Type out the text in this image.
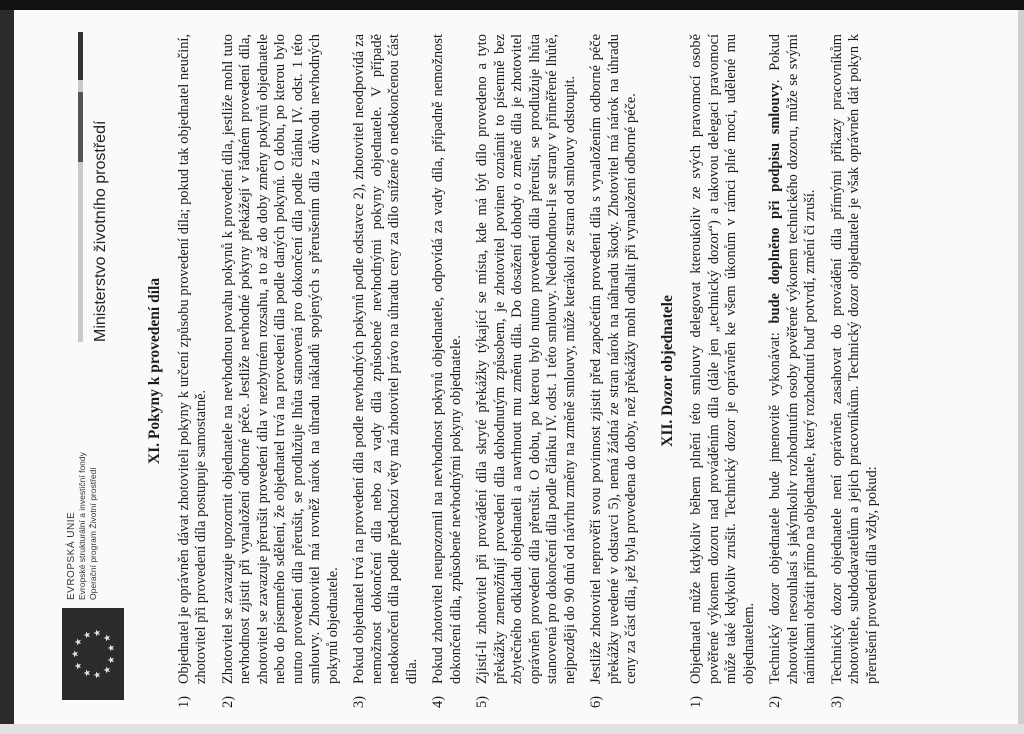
★
★
★ ★
★
★
★
★
★
★
★
EVROPSKÁ UNIE Evropské strukturální a investiční fondy Operační program Životní prostředí
Ministerstvo životního prostředí
XI. Pokyny k provedení díla
1)
Objednatel je oprávněn dávat zhotoviteli pokyny k určení způsobu provedení díla; pokud tak objednatel neučiní, zhotovitel při provedení díla postupuje samostatně.
2)
Zhotovitel se zavazuje upozornit objednatele na nevhodnou povahu pokynů k provedení díla, jestliže mohl tuto nevhodnost zjistit při vynaložení odborné péče. Jestliže nevhodné pokyny překážejí v řádném provedení díla, zhotovitel se zavazuje přerušit provedení díla v nezbytném rozsahu, a to až do doby změny pokynů objednatele nebo do písemného sdělení, že objednatel trvá na provedení díla podle daných pokynů. O dobu, po kterou bylo nutno provedení díla přerušit, se prodlužuje lhůta stanovená pro dokončení díla podle článku IV. odst. 1 této smlouvy. Zhotovitel má rovněž nárok na úhradu nákladů spojených s přerušením díla z důvodu nevhodných pokynů objednatele.
3)
Pokud objednatel trvá na provedení díla podle nevhodných pokynů podle odstavce 2), zhotovitel neodpovídá za nemožnost dokončení díla nebo za vady díla způsobené nevhodnými pokyny objednatele. V případě nedokončení díla podle předchozí věty má zhotovitel právo na úhradu ceny za dílo snížené o nedokončenou část díla.
4)
Pokud zhotovitel neupozornil na nevhodnost pokynů objednatele, odpovídá za vady díla, případně nemožnost dokončení díla, způsobené nevhodnými pokyny objednatele.
5)
Zjistí-li zhotovitel při provádění díla skryté překážky týkající se místa, kde má být dílo provedeno a tyto překážky znemožňují provedení díla dohodnutým způsobem, je zhotovitel povinen oznámit to písemně bez zbytečného odkladu objednateli a navrhnout mu změnu díla. Do dosažení dohody o změně díla je zhotovitel oprávněn provedení díla přerušit. O dobu, po kterou bylo nutno provedení díla přerušit, se prodlužuje lhůta stanovená pro dokončení díla podle článku IV. odst. 1 této smlouvy. Nedohodnou-li se strany v přiměřené lhůtě, nejpozději do 90 dnů od návrhu změny na změně smlouvy, může kterákoli ze stran od smlouvy odstoupit.
6)
Jestliže zhotovitel neprověří svou povinnost zjistit před započetím provedení díla s vynaložením odborné péče překážky uvedené v odstavci 5), nemá žádná ze stran nárok na náhradu škody. Zhotovitel má nárok na úhradu ceny za část díla, jež byla provedena do doby, než překážky mohl odhalit při vynaložení odborné péče. XII. Dozor objednatele
1)
Objednatel může kdykoliv během plnění této smlouvy delegovat kteroukoliv ze svých pravomocí osobě pověřené výkonem dozoru nad prováděním díla (dále jen „technický dozor“) a takovou delegaci pravomocí může také kdykoliv zrušit. Technický dozor je oprávněn ke všem úkonům v rámci plné moci, udělené mu objednatelem.
2)
Technický dozor objednatele bude jmenovitě vykonávat: bude doplněno při podpisu smlouvy. Pokud zhotovitel nesouhlasí s jakýmkoliv rozhodnutím osoby pověřené výkonem technického dozoru, může se svými námitkami obrátit přímo na objednatele, který rozhodnutí buď potvrdí, změní či zruší.
3)
Technický dozor objednatele není oprávněn zasahovat do provádění díla přímými příkazy pracovníkům zhotovitele, subdodavatelům a jejich pracovníkům. Technický dozor objednatele je však oprávněn dát pokyn k přerušení provedení díla vždy, pokud:
